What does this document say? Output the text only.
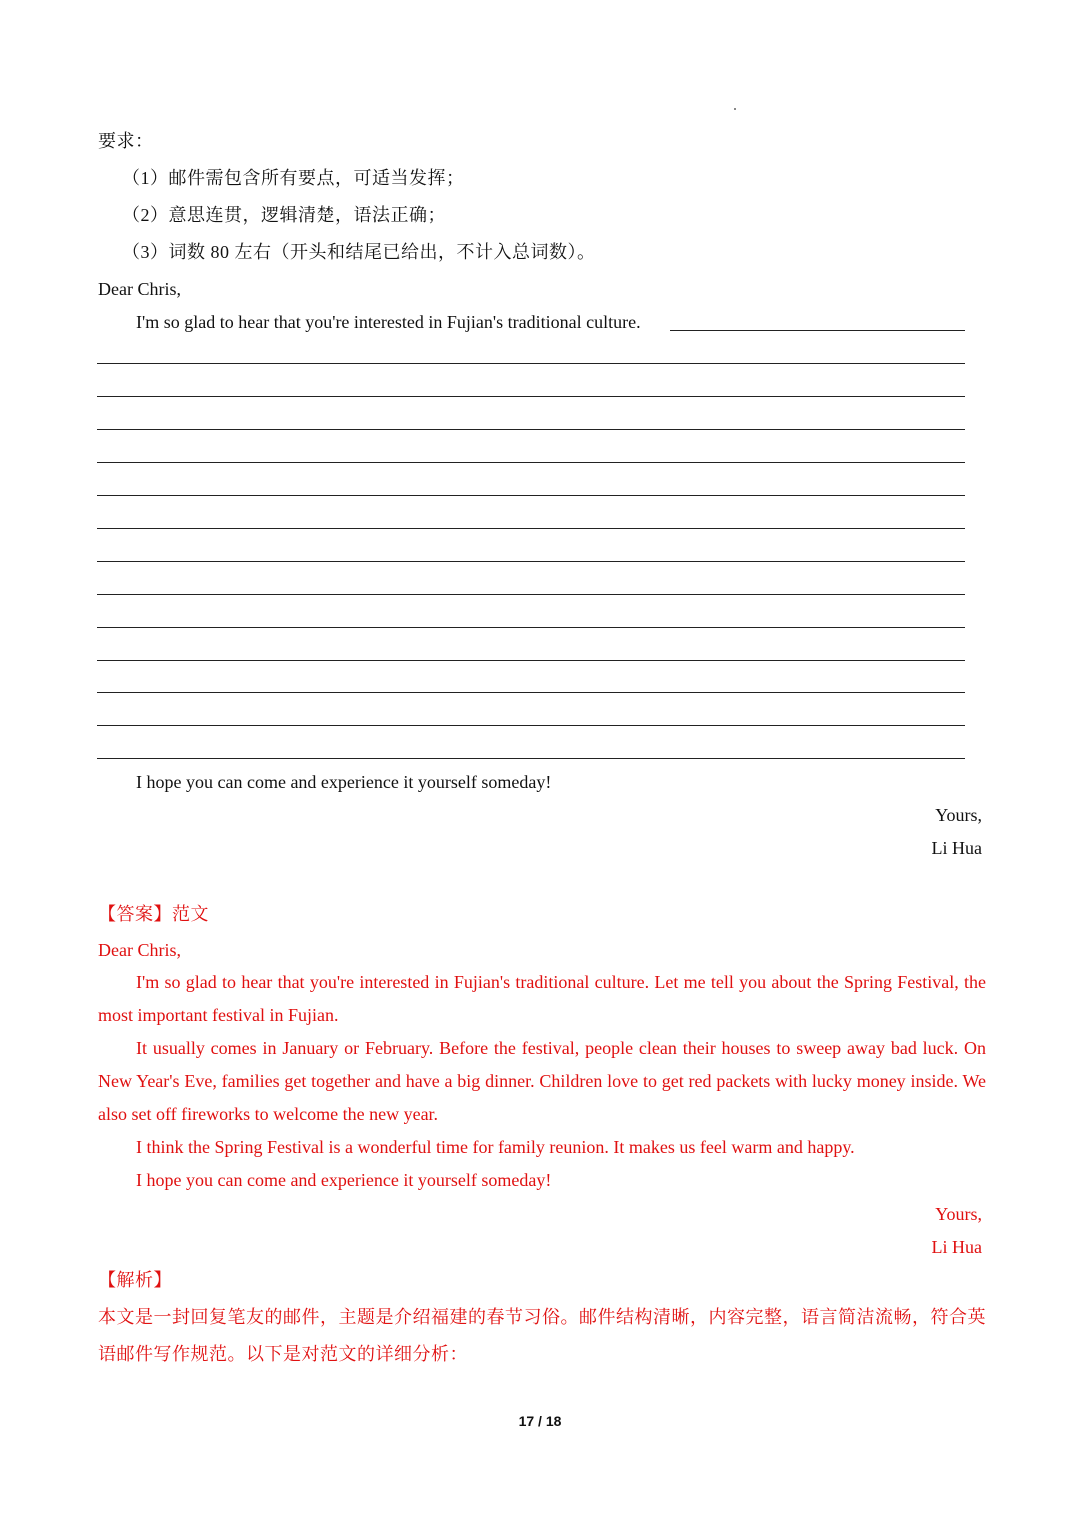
要求：
（1）邮件需包含所有要点，可适当发挥；
（2）意思连贯，逻辑清楚，语法正确；
（3）词数 80 左右（开头和结尾已给出，不计入总词数）。
Dear Chris,
I'm so glad to hear that you're interested in Fujian's traditional culture.
I hope you can come and experience it yourself someday!
Yours,
Li Hua
【答案】范文
Dear Chris,
I'm so glad to hear that you're interested in Fujian's traditional culture. Let me tell you about the Spring Festival, the most important festival in Fujian.
It usually comes in January or February. Before the festival, people clean their houses to sweep away bad luck. On New Year's Eve, families get together and have a big dinner. Children love to get red packets with lucky money inside. We also set off fireworks to welcome the new year.
I think the Spring Festival is a wonderful time for family reunion. It makes us feel warm and happy.
I hope you can come and experience it yourself someday!
Yours,
Li Hua
【解析】
本文是一封回复笔友的邮件，主题是介绍福建的春节习俗。邮件结构清晰，内容完整，语言简洁流畅，符合英语邮件写作规范。以下是对范文的详细分析：
17 / 18
